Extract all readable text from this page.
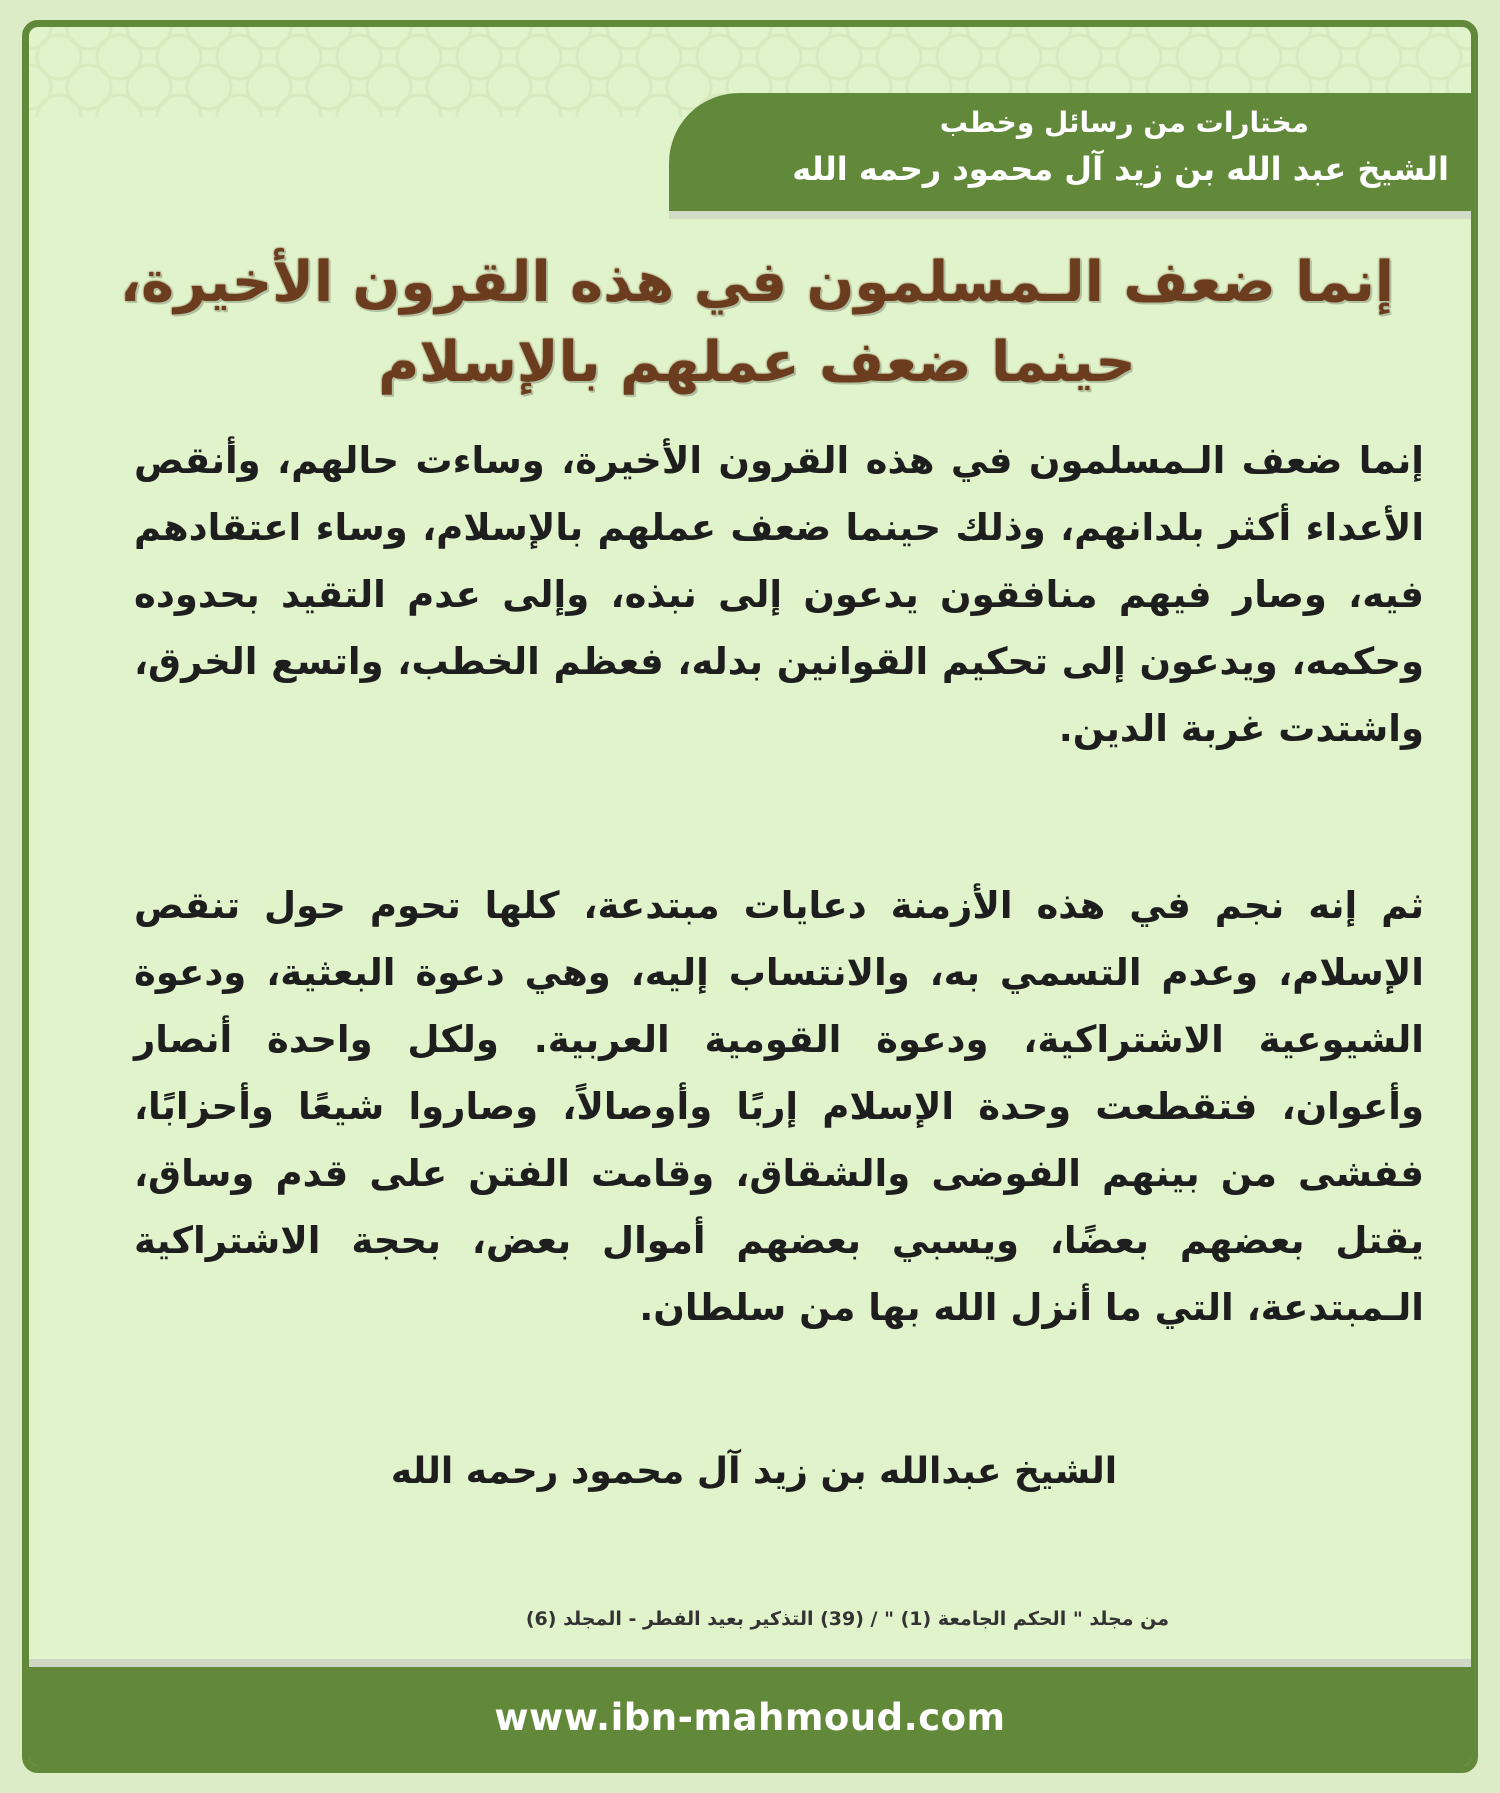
مختارات من رسائل وخطب
الشيخ عبد الله بن زيد آل محمود رحمه الله
إنما ضعف الـمسلمون في هذه القرون الأخيرة،
حينما ضعف عملهم بالإسلام

إنما ضعف الـمسلمون في هذه القرون الأخيرة، وساءت حالهم، وأنقص الأعداء أكثر بلدانهم، وذلك حينما ضعف عملهم بالإسلام، وساء اعتقادهم فيه، وصار فيهم منافقون يدعون إلى نبذه، وإلى عدم التقيد بحدوده وحكمه، ويدعون إلى تحكيم القوانين بدله، فعظم الخطب، واتسع الخرق، واشتدت غربة الدين.

ثم إنه نجم في هذه الأزمنة دعايات مبتدعة، كلها تحوم حول تنقص الإسلام، وعدم التسمي به، والانتساب إليه، وهي دعوة البعثية، ودعوة الشيوعية الاشتراكية، ودعوة القومية العربية. ولكل واحدة أنصار وأعوان، فتقطعت وحدة الإسلام إربًا وأوصالاً، وصاروا شيعًا وأحزابًا، ففشى من بينهم الفوضى والشقاق، وقامت الفتن على قدم وساق، يقتل بعضهم بعضًا، ويسبي بعضهم أموال بعض، بحجة الاشتراكية الـمبتدعة، التي ما أنزل الله بها من سلطان.

الشيخ عبدالله بن زيد آل محمود رحمه الله
من مجلد " الحكم الجامعة (1) " / (39) التذكير بعيد الفطر - المجلد (6)
www.ibn-mahmoud.com
